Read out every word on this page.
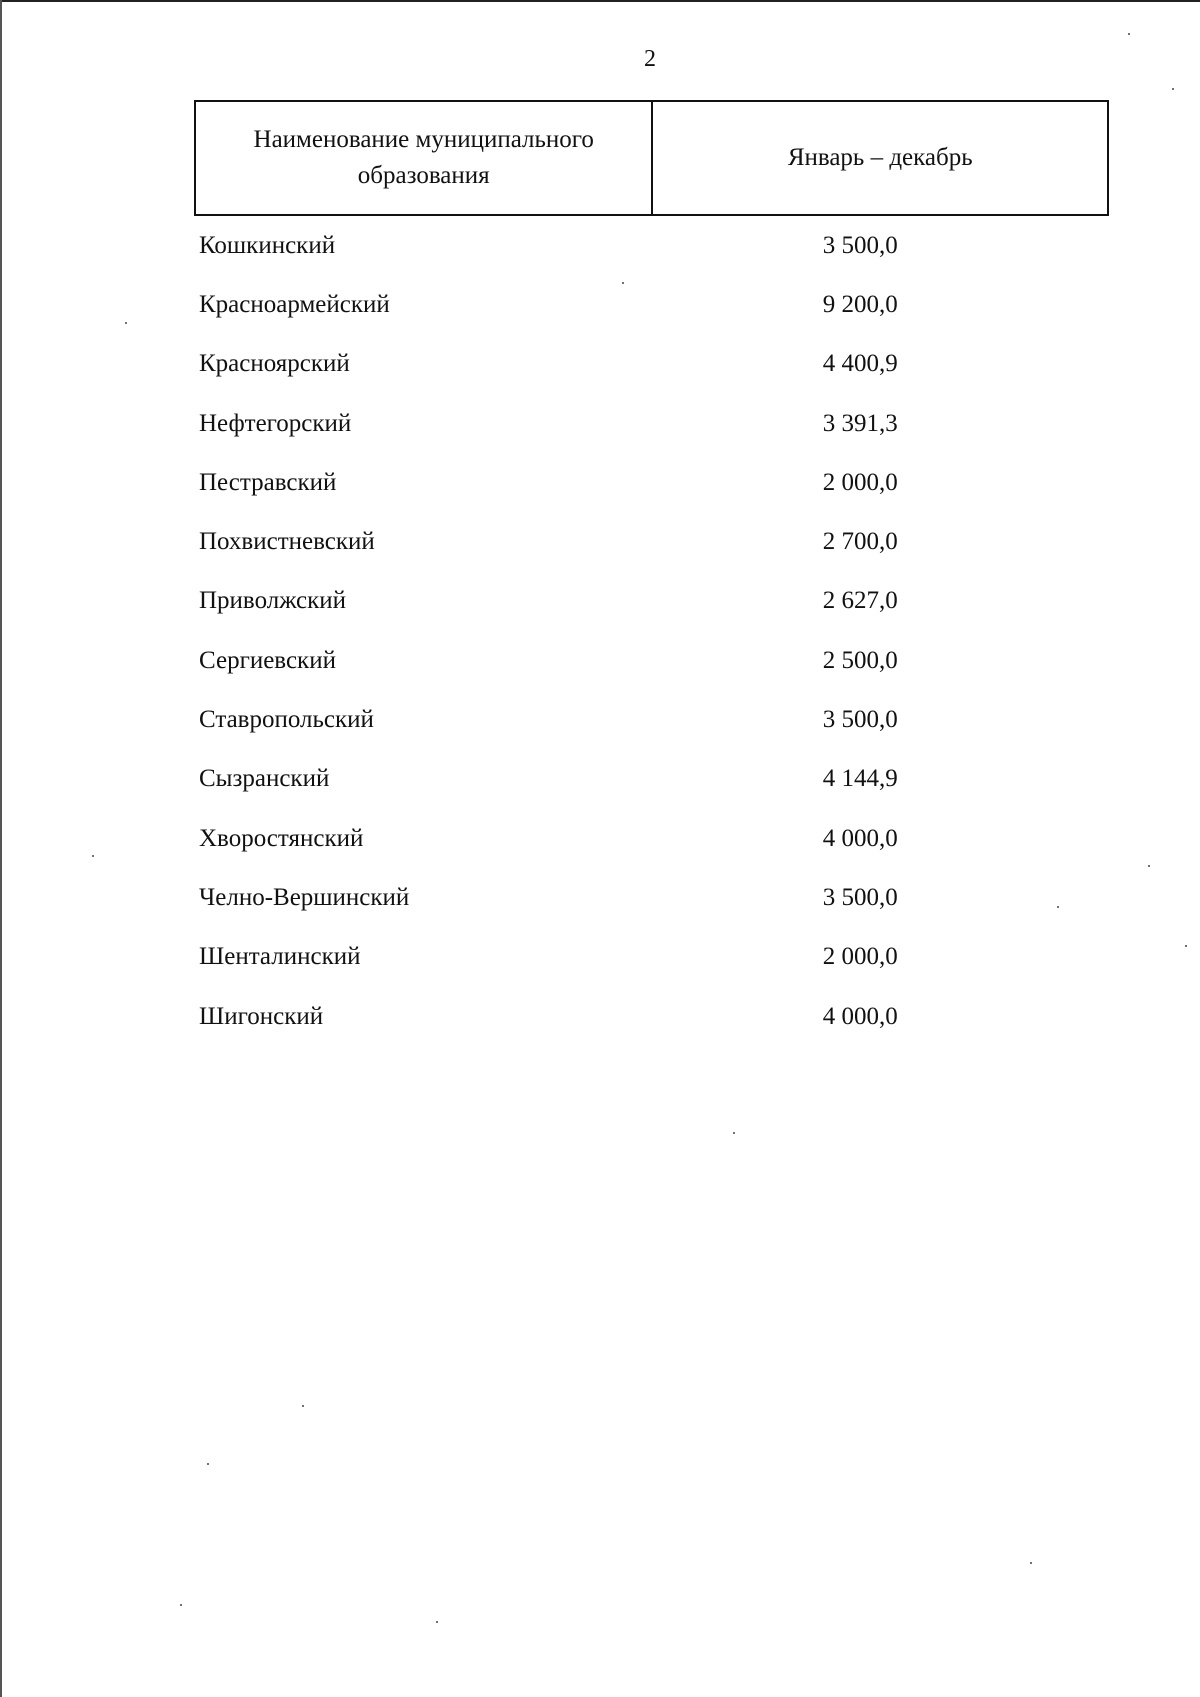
2
Наименование муниципального образования	Январь – декабрь
Кошкинский	3 500,0
Красноармейский	9 200,0
Красноярский	4 400,9
Нефтегорский	3 391,3
Пестравский	2 000,0
Похвистневский	2 700,0
Приволжский	2 627,0
Сергиевский	2 500,0
Ставропольский	3 500,0
Сызранский	4 144,9
Хворостянский	4 000,0
Челно-Вершинский	3 500,0
Шенталинский	2 000,0
Шигонский	4 000,0
